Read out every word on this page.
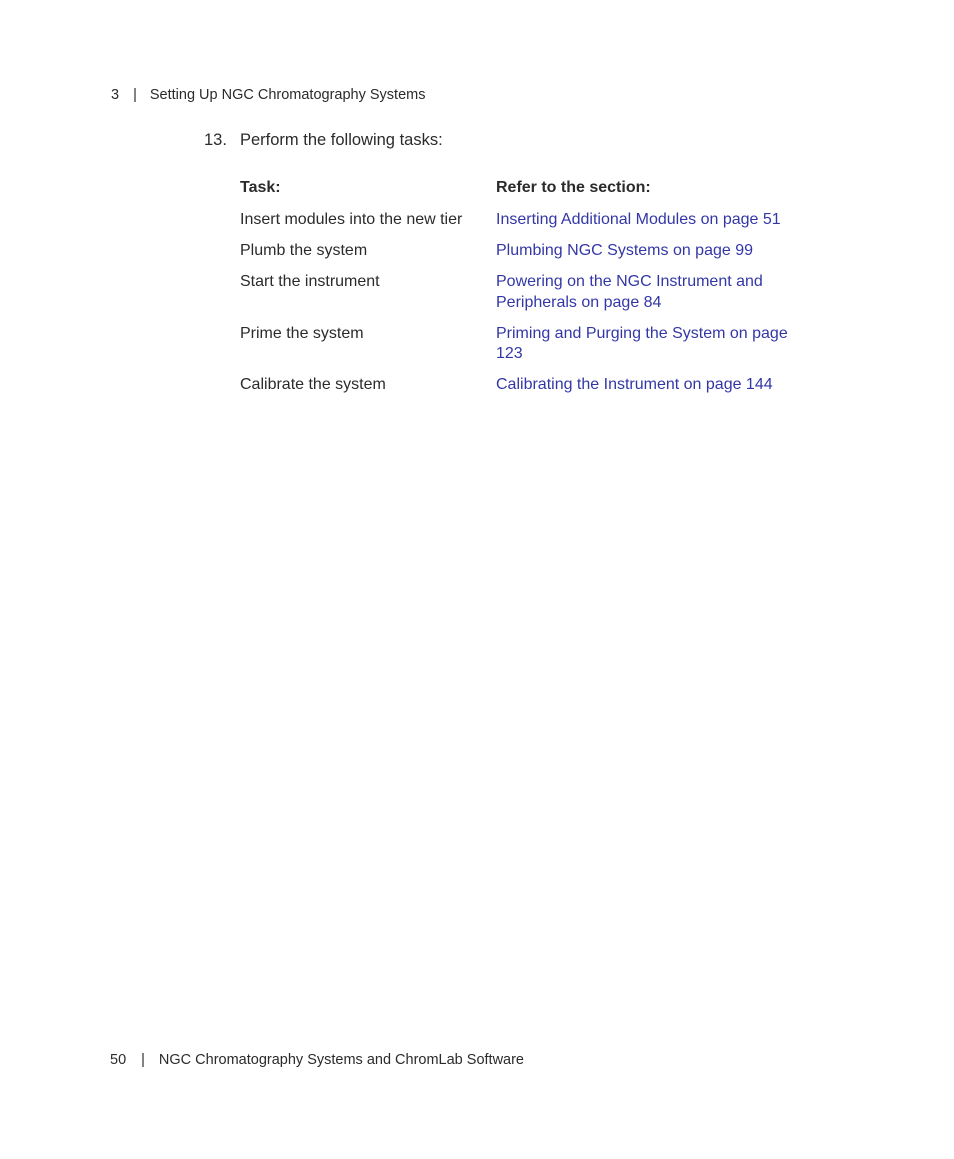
3 | Setting Up NGC Chromatography Systems
13. Perform the following tasks:
Task:	Refer to the section:
Insert modules into the new tier	Inserting Additional Modules on page 51
Plumb the system	Plumbing NGC Systems on page 99
Start the instrument	Powering on the NGC Instrument and Peripherals on page 84
Prime the system	Priming and Purging the System on page 123
Calibrate the system	Calibrating the Instrument on page 144
50 | NGC Chromatography Systems and ChromLab Software
